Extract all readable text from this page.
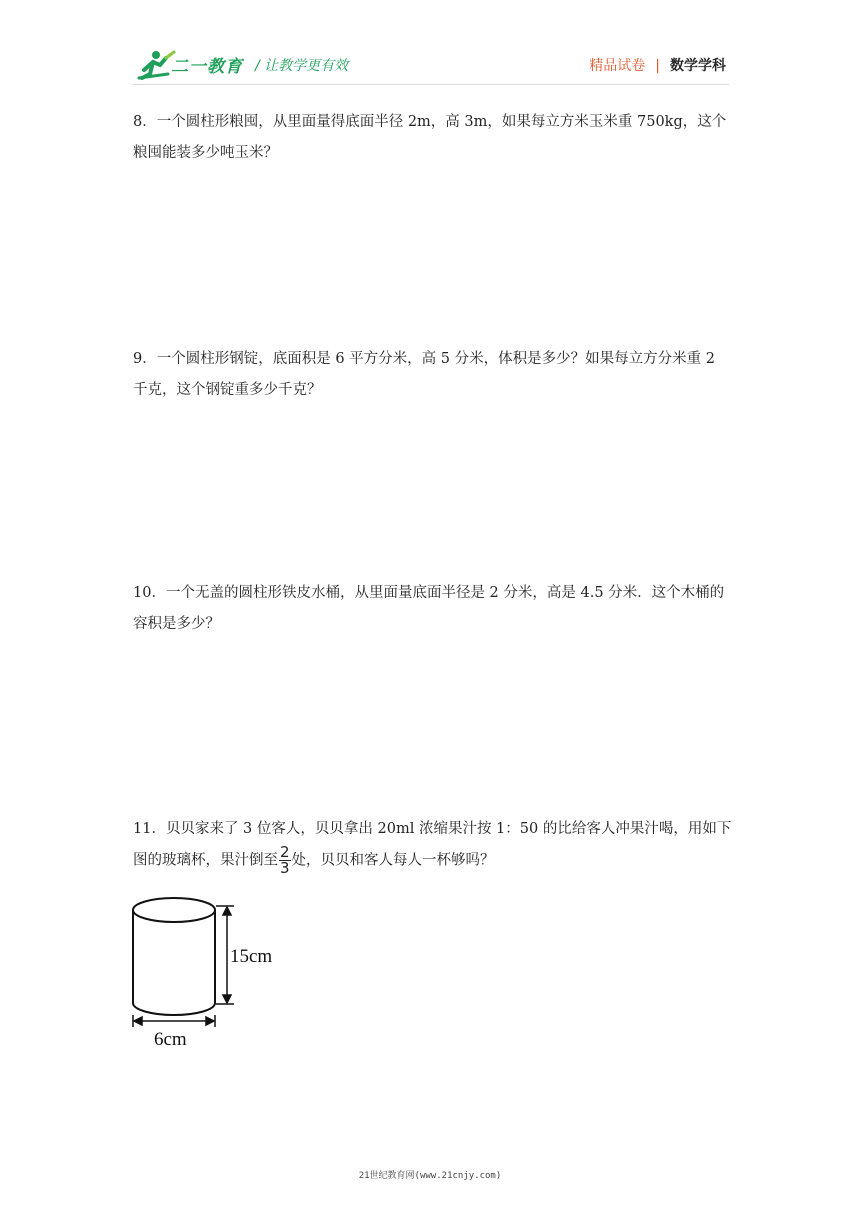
二一教育 / 让教学更有效	精品试卷 | 数学学科
8．一个圆柱形粮囤，从里面量得底面半径 2m，高 3m，如果每立方米玉米重 750kg，这个
粮囤能装多少吨玉米？
9．一个圆柱形钢锭，底面积是 6 平方分米，高 5 分米，体积是多少？如果每立方分米重 2
千克，这个钢锭重多少千克？
10．一个无盖的圆柱形铁皮水桶，从里面量底面半径是 2 分米，高是 4.5 分米．这个木桶的
容积是多少？
11．贝贝家来了 3 位客人，贝贝拿出 20ml 浓缩果汁按 1：50 的比给客人冲果汁喝，用如下
图的玻璃杯，果汁倒至 $\frac{2}{3}$ 处，贝贝和客人每人一杯够吗？
15cm
6cm
21世纪教育网(www.21cnjy.com)
